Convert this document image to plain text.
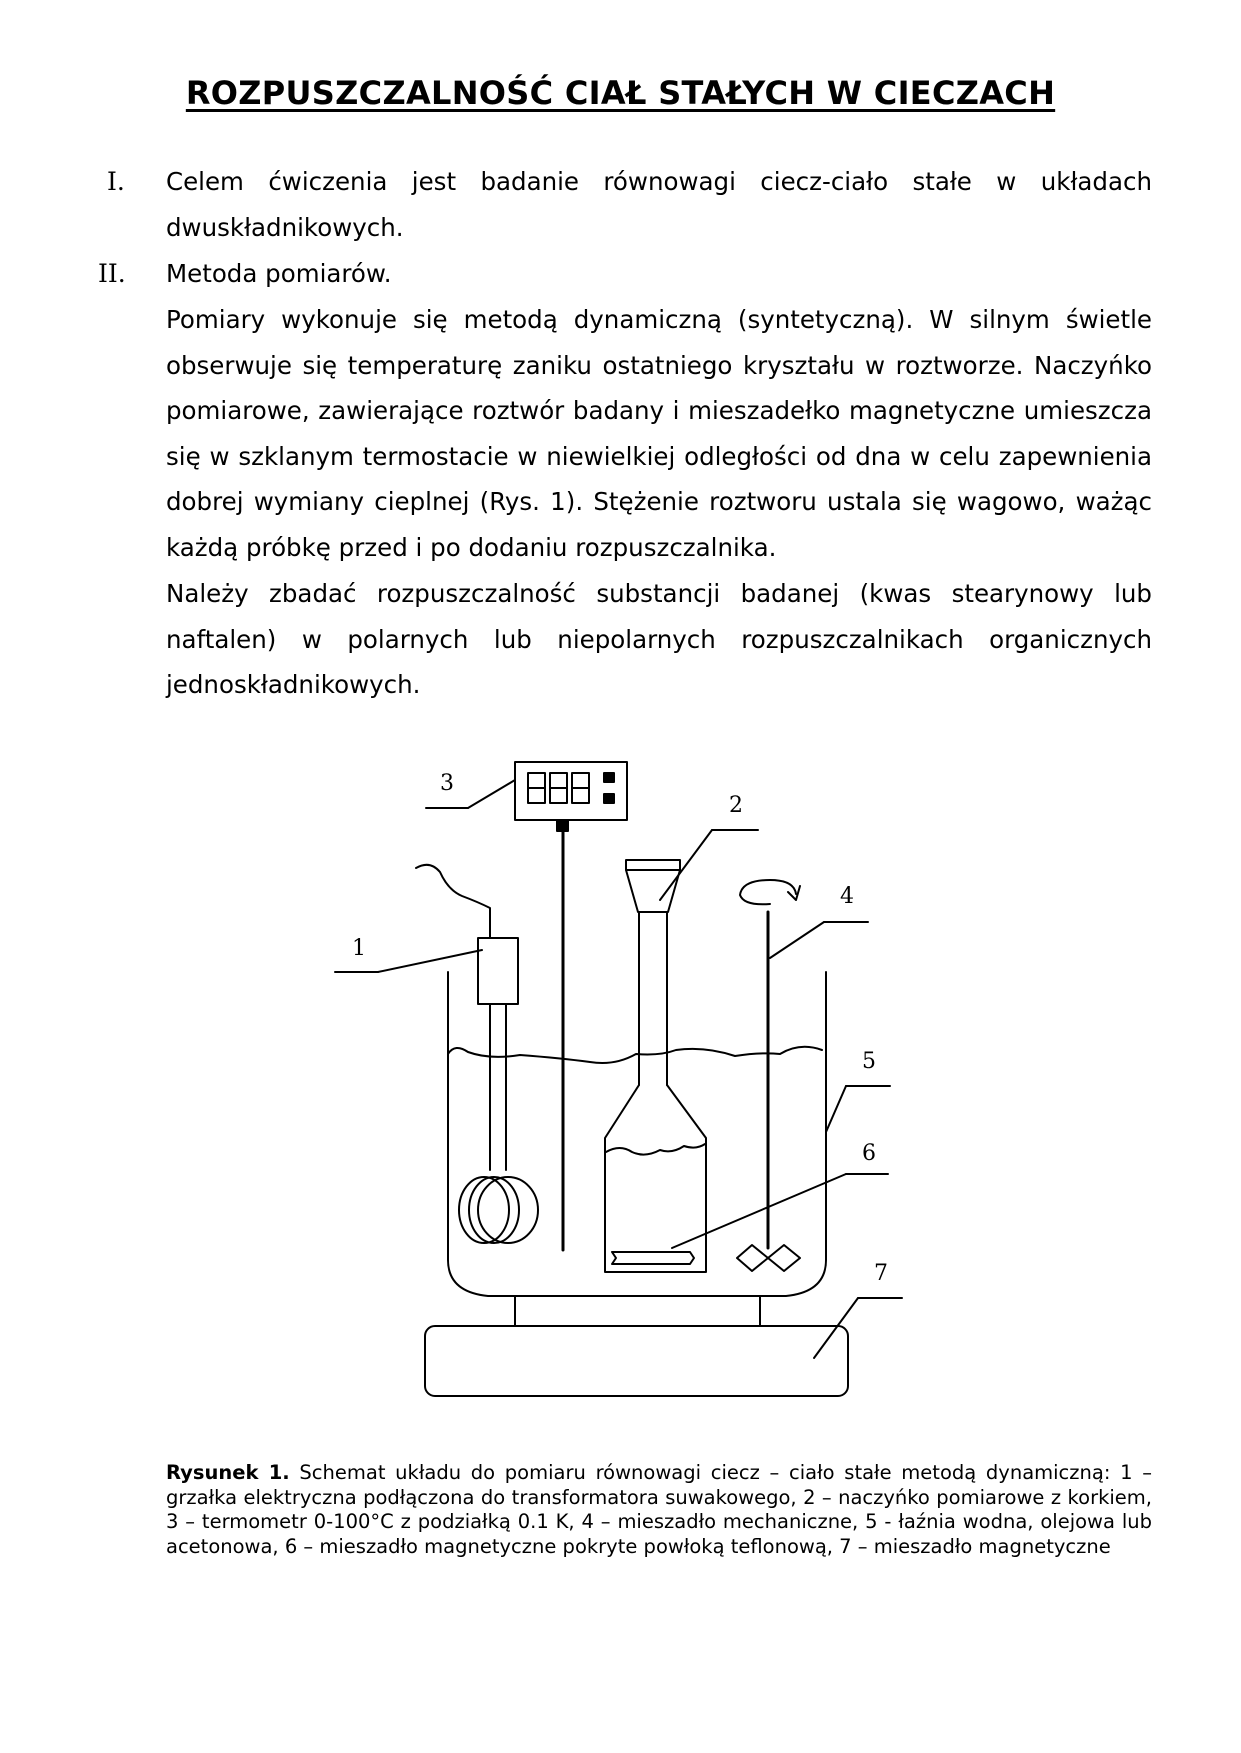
ROZPUSZCZALNOŚĆ CIAŁ STAŁYCH W CIECZACH
I. Celem ćwiczenia jest badanie równowagi ciecz-ciało stałe w układach dwuskładnikowych.

II. Metoda pomiarów.

Pomiary wykonuje się metodą dynamiczną (syntetyczną). W silnym świetle obserwuje się temperaturę zaniku ostatniego kryształu w roztworze. Naczyńko pomiarowe, zawierające roztwór badany i mieszadełko magnetyczne umieszcza się w szklanym termostacie w niewielkiej odległości od dna w celu zapewnienia dobrej wymiany cieplnej (Rys. 1). Stężenie roztworu ustala się wagowo, ważąc każdą próbkę przed i po dodaniu rozpuszczalnika.

Należy zbadać rozpuszczalność substancji badanej (kwas stearynowy lub naftalen) w polarnych lub niepolarnych rozpuszczalnikach organicznych jednoskładnikowych.

1
2
3
4
5
6
7

Rysunek 1. Schemat układu do pomiaru równowagi ciecz – ciało stałe metodą dynamiczną: 1 –grzałka elektryczna podłączona do transformatora suwakowego, 2 – naczyńko pomiarowe z korkiem, 3 – termometr 0-100°C z podziałką 0.1 K, 4 – mieszadło mechaniczne, 5 - łaźnia wodna, olejowa lub acetonowa, 6 – mieszadło magnetyczne pokryte powłoką teflonową, 7 – mieszadło magnetyczne
